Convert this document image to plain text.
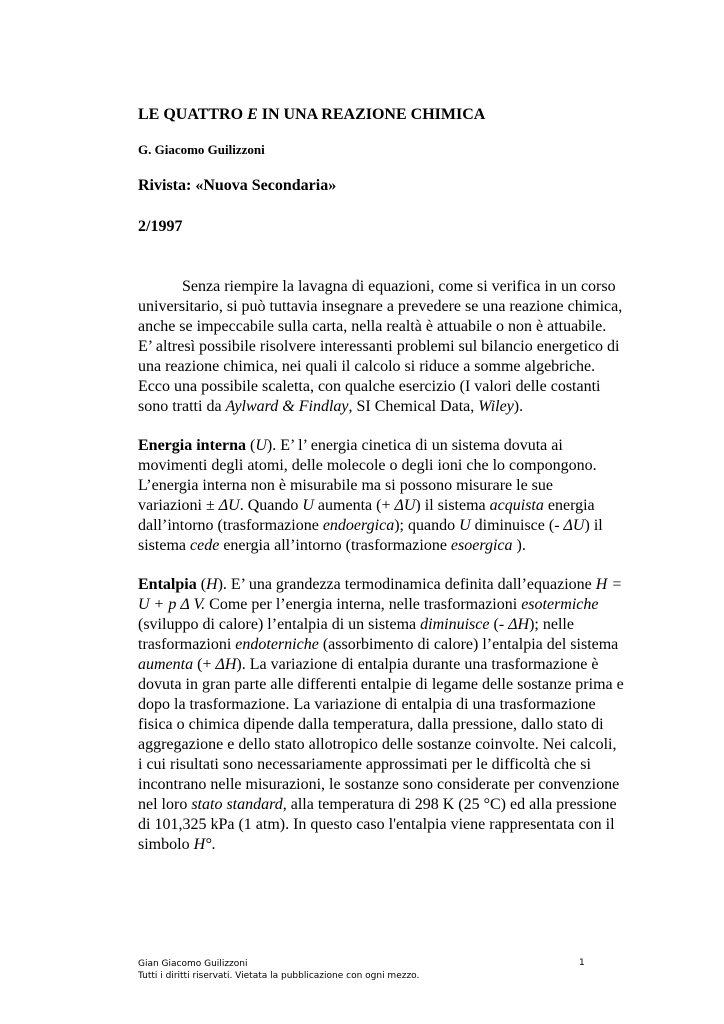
LE QUATTRO E IN UNA REAZIONE CHIMICA
G. Giacomo Guilizzoni
Rivista: «Nuova Secondaria»
2/1997
Senza riempire la lavagna di equazioni, come si verifica in un corso
universitario, si può tuttavia insegnare a prevedere se una reazione chimica,
anche se impeccabile sulla carta, nella realtà è attuabile o non è attuabile.
E’ altresì possibile risolvere interessanti problemi sul bilancio energetico di
una reazione chimica, nei quali il calcolo si riduce a somme algebriche.
Ecco una possibile scaletta, con qualche esercizio (I valori delle costanti
sono tratti da Aylward & Findlay, SI Chemical Data, Wiley).
Energia interna (U). E’ l’ energia cinetica di un sistema dovuta ai
movimenti degli atomi, delle molecole o degli ioni che lo compongono.
L’energia interna non è misurabile ma si possono misurare le sue
variazioni ± ΔU. Quando U aumenta (+ ΔU) il sistema acquista energia
dall’intorno (trasformazione endoergica); quando U diminuisce (- ΔU) il
sistema cede energia all’intorno (trasformazione esoergica ).
Entalpia (H). E’ una grandezza termodinamica definita dall’equazione H =
U + p Δ V. Come per l’energia interna, nelle trasformazioni esotermiche
(sviluppo di calore) l’entalpia di un sistema diminuisce (- ΔH); nelle
trasformazioni endoterniche (assorbimento di calore) l’entalpia del sistema
aumenta (+ ΔH). La variazione di entalpia durante una trasformazione è
dovuta in gran parte alle differenti entalpie di legame delle sostanze prima e
dopo la trasformazione. La variazione di entalpia di una trasformazione
fisica o chimica dipende dalla temperatura, dalla pressione, dallo stato di
aggregazione e dello stato allotropico delle sostanze coinvolte. Nei calcoli,
i cui risultati sono necessariamente approssimati per le difficoltà che si
incontrano nelle misurazioni, le sostanze sono considerate per convenzione
nel loro stato standard, alla temperatura di 298 K (25 °C) ed alla pressione
di 101,325 kPa (1 atm). In questo caso l'entalpia viene rappresentata con il
simbolo H°.
Gian Giacomo Guilizzoni
Tutti i diritti riservati. Vietata la pubblicazione con ogni mezzo.
1
